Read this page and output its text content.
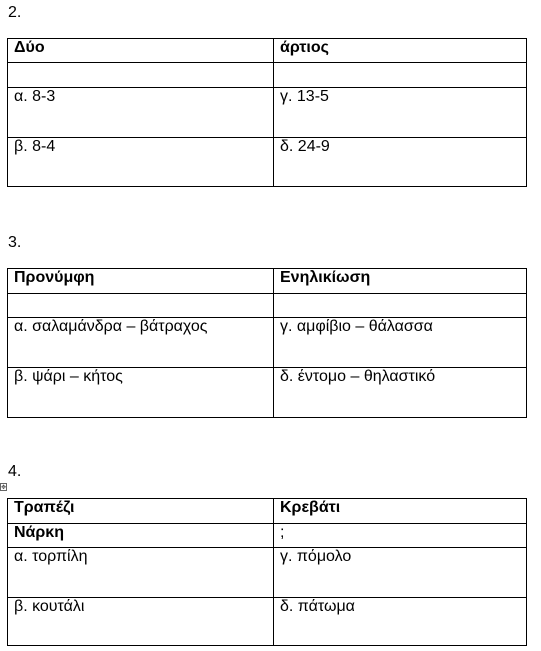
2.
Δύο	άρτιος

α. 8-3	γ. 13-5
β. 8-4	δ. 24-9
3.
Προνύμφη	Ενηλικίωση

α. σαλαμάνδρα – βάτραχος	γ. αμφίβιο – θάλασσα
β. ψάρι – κήτος	δ. έντομο – θηλαστικό
4.
✥
Τραπέζι	Κρεβάτι
Νάρκη	;
α. τορπίλη	γ. πόμολο
β. κουτάλι	δ. πάτωμα
